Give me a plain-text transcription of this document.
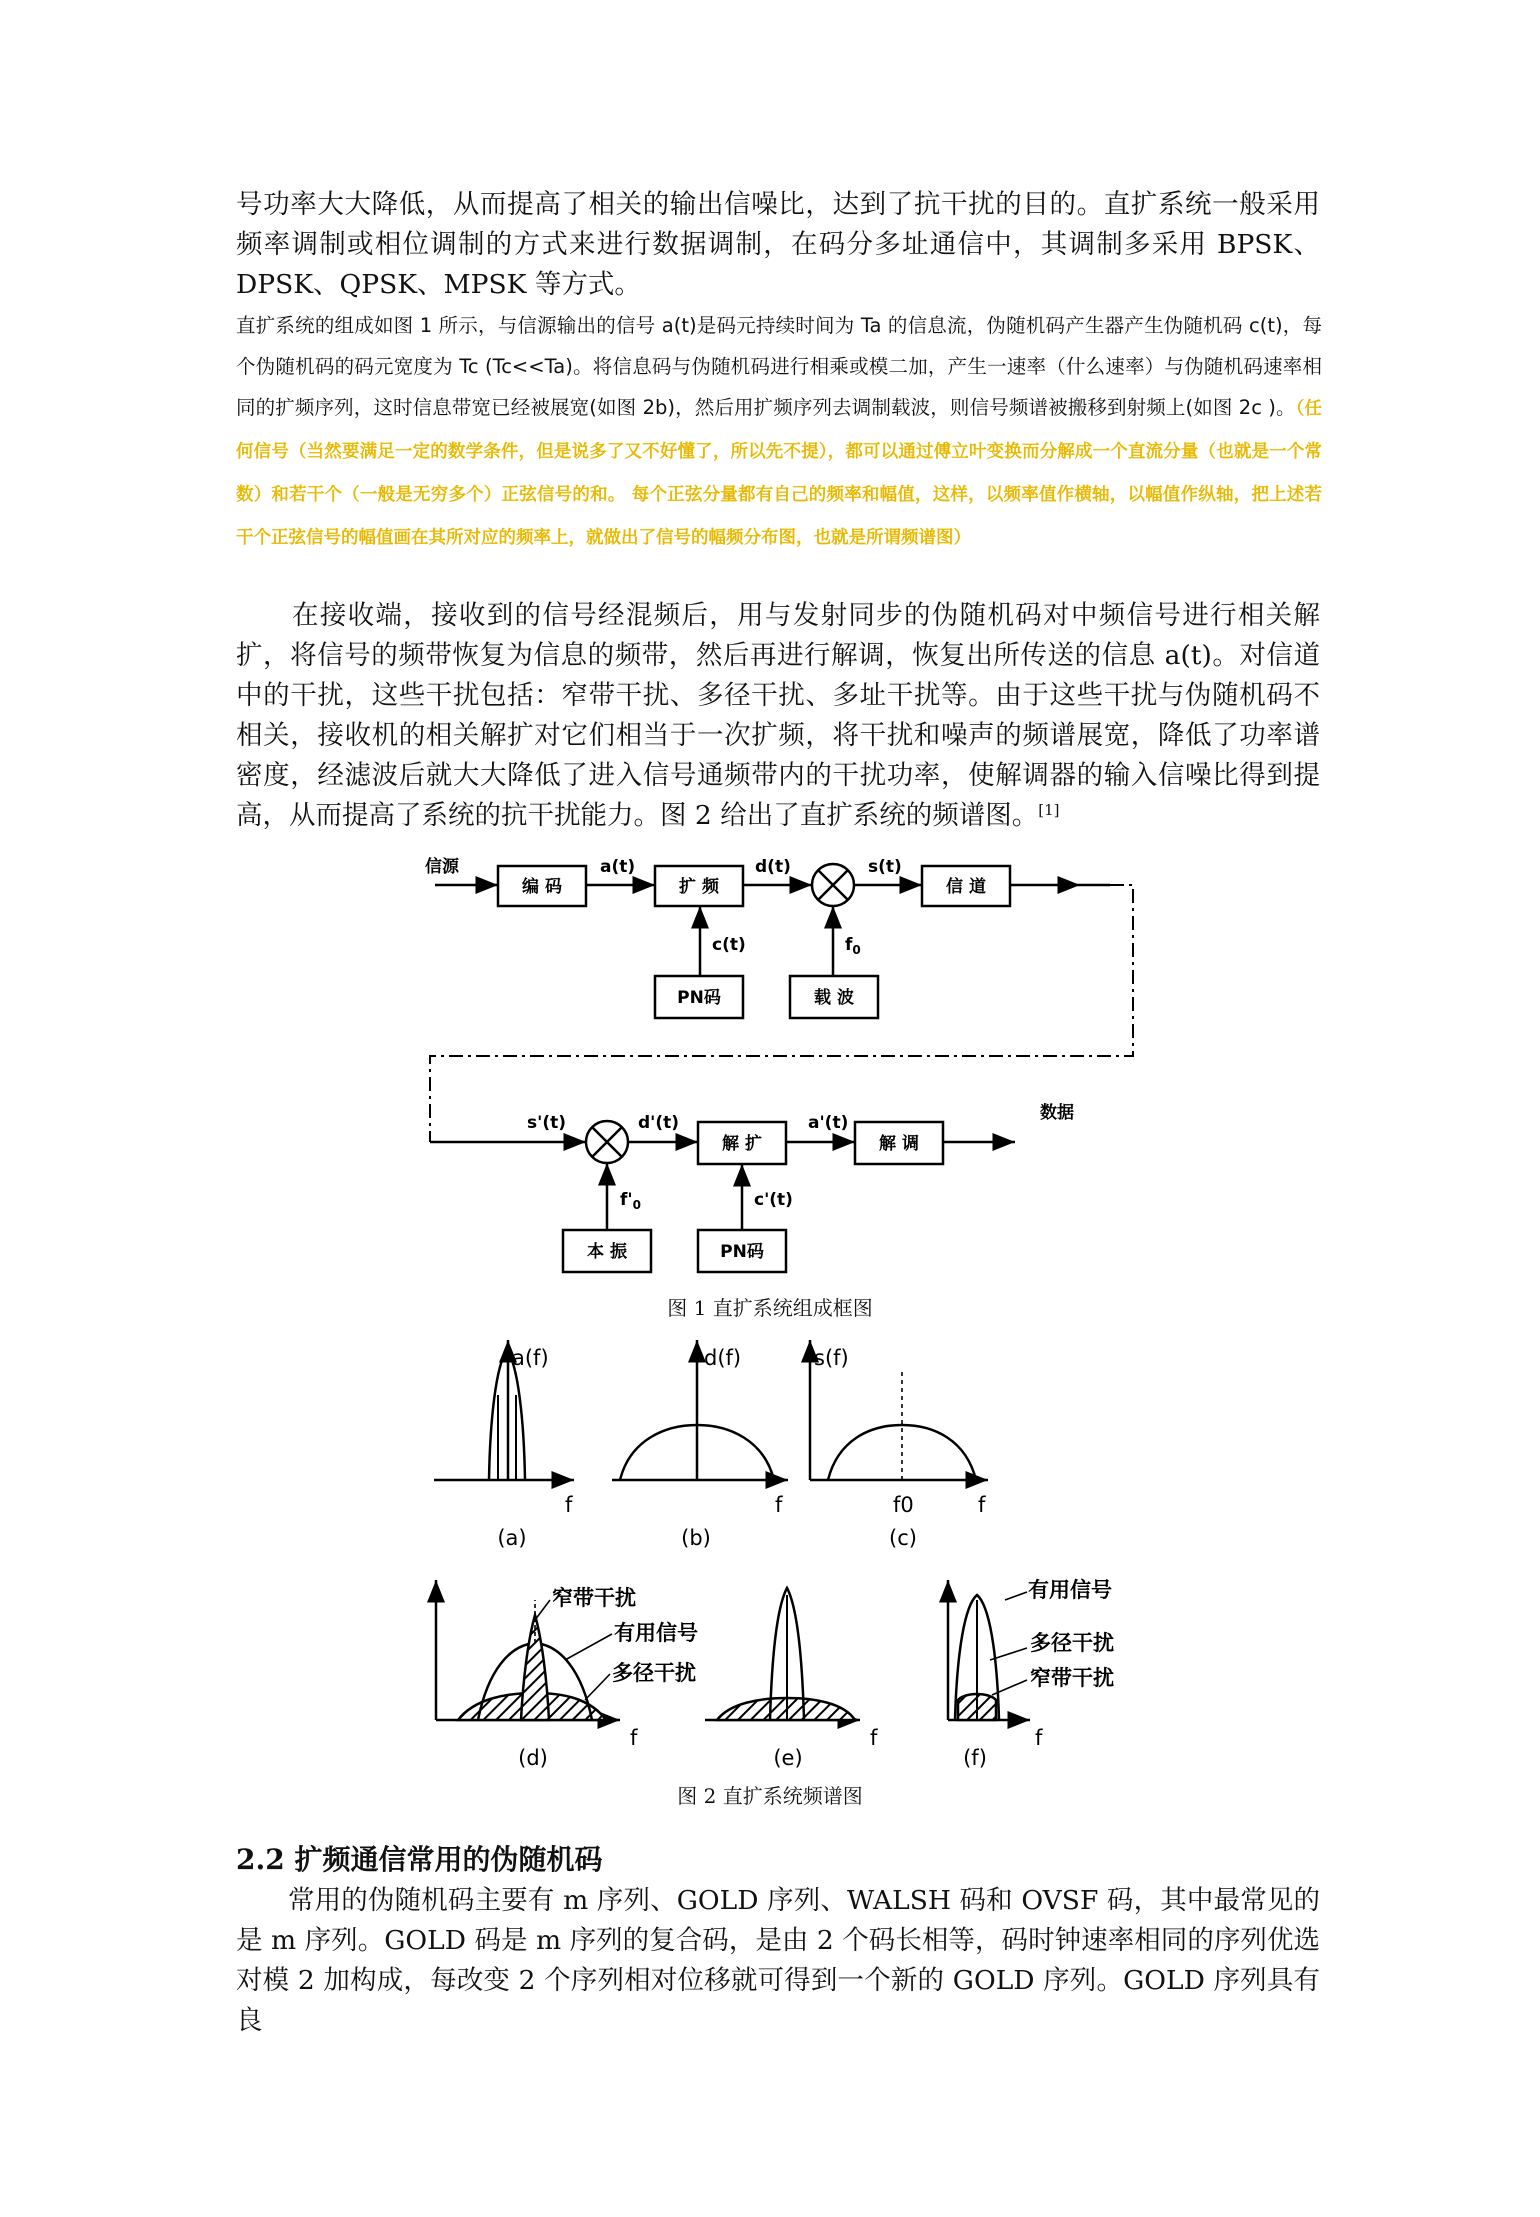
号功率大大降低，从而提高了相关的输出信噪比，达到了抗干扰的目的。直扩系统一般采用频率调制或相位调制的方式来进行数据调制，在码分多址通信中，其调制多采用 BPSK、DPSK、QPSK、MPSK 等方式。

直扩系统的组成如图 1 所示，与信源输出的信号 a(t)是码元持续时间为 Ta 的信息流，伪随机码产生器产生伪随机码 c(t)，每个伪随机码的码元宽度为 Tc (Tc<<Ta)。将信息码与伪随机码进行相乘或模二加，产生一速率（什么速率）与伪随机码速率相同的扩频序列，这时信息带宽已经被展宽(如图 2b)，然后用扩频序列去调制载波，则信号频谱被搬移到射频上(如图 2c )。（任何信号（当然要满足一定的数学条件，但是说多了又不好懂了，所以先不提），都可以通过傅立叶变换而分解成一个直流分量（也就是一个常数）和若干个（一般是无穷多个）正弦信号的和。 每个正弦分量都有自己的频率和幅值，这样，以频率值作横轴，以幅值作纵轴，把上述若干个正弦信号的幅值画在其所对应的频率上，就做出了信号的幅频分布图，也就是所谓频谱图）

在接收端，接收到的信号经混频后，用与发射同步的伪随机码对中频信号进行相关解扩，将信号的频带恢复为信息的频带，然后再进行解调，恢复出所传送的信息 a(t)。对信道中的干扰，这些干扰包括：窄带干扰、多径干扰、多址干扰等。由于这些干扰与伪随机码不相关，接收机的相关解扩对它们相当于一次扩频，将干扰和噪声的频谱展宽，降低了功率谱密度，经滤波后就大大降低了进入信号通频带内的干扰功率，使解调器的输入信噪比得到提高，从而提高了系统的抗干扰能力。图 2 给出了直扩系统的频谱图。[1]

信源
编 码
a(t)
扩 频
d(t)	s(t)
信 道
c(t)	$f_0$
PN码	载 波
s'(t)	d'(t)
解 扩
a'(t)
解 调
数据
$f'_0$	c'(t)
本 振	PN码
图 1 直扩系统组成框图
a(f)	d(f)	s(f)
f	f	f0	f
(a)	(b)	(c)
f	f	f
(d)	(e)	(f)
窄带干扰
有用信号
多径干扰
有用信号
多径干扰
窄带干扰
图 2 直扩系统频谱图
2.2 扩频通信常用的伪随机码

常用的伪随机码主要有 m 序列、GOLD 序列、WALSH 码和 OVSF 码，其中最常见的是 m 序列。GOLD 码是 m 序列的复合码，是由 2 个码长相等，码时钟速率相同的序列优选对模 2 加构成，每改变 2 个序列相对位移就可得到一个新的 GOLD 序列。GOLD 序列具有良
